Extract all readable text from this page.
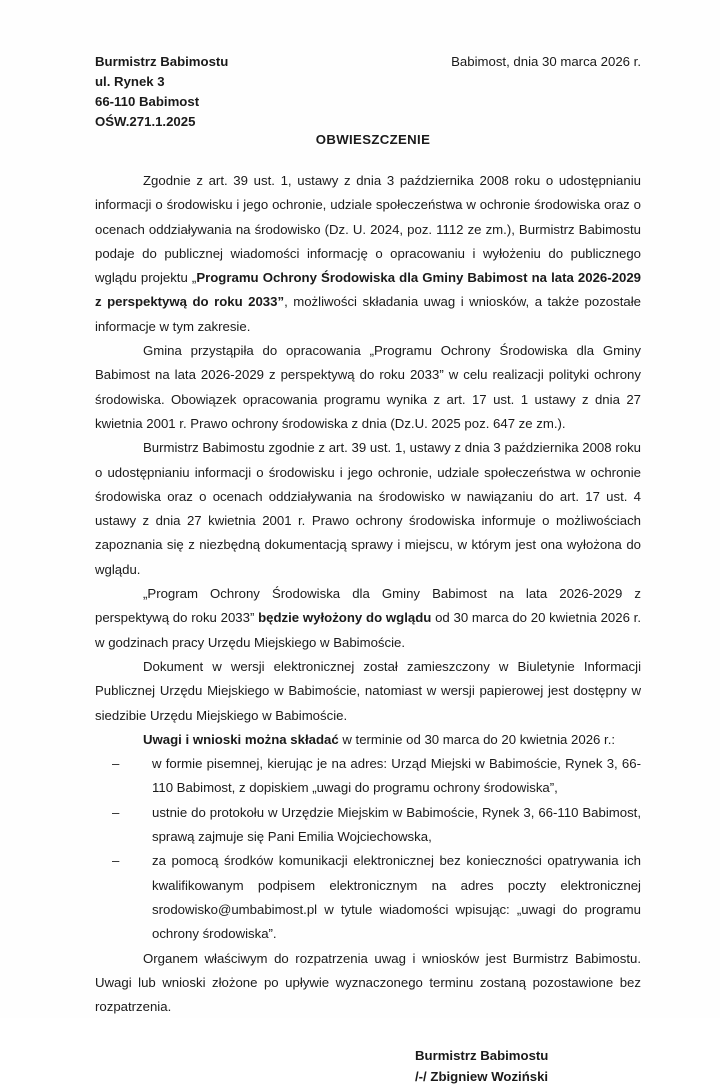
Burmistrz Babimostu
ul. Rynek 3
66-110 Babimost
OŚW.271.1.2025
Babimost, dnia 30 marca 2026 r.
OBWIESZCZENIE

Zgodnie z art. 39 ust. 1, ustawy z dnia 3 października 2008 roku o udostępnianiu informacji o środowisku i jego ochronie, udziale społeczeństwa w ochronie środowiska oraz o ocenach oddziaływania na środowisko (Dz. U. 2024, poz. 1112 ze zm.), Burmistrz Babimostu podaje do publicznej wiadomości informację o opracowaniu i wyłożeniu do publicznego wglądu projektu „Programu Ochrony Środowiska dla Gminy Babimost na lata 2026-2029 z perspektywą do roku 2033”, możliwości składania uwag i wniosków, a także pozostałe informacje w tym zakresie.

Gmina przystąpiła do opracowania „Programu Ochrony Środowiska dla Gminy Babimost na lata 2026-2029 z perspektywą do roku 2033” w celu realizacji polityki ochrony środowiska. Obowiązek opracowania programu wynika z art. 17 ust. 1 ustawy z dnia 27 kwietnia 2001 r. Prawo ochrony środowiska z dnia (Dz.U. 2025 poz. 647 ze zm.).

Burmistrz Babimostu zgodnie z art. 39 ust. 1, ustawy z dnia 3 października 2008 roku o udostępnianiu informacji o środowisku i jego ochronie, udziale społeczeństwa w ochronie środowiska oraz o ocenach oddziaływania na środowisko w nawiązaniu do art. 17 ust. 4 ustawy z dnia 27 kwietnia 2001 r. Prawo ochrony środowiska informuje o możliwościach zapoznania się z niezbędną dokumentacją sprawy i miejscu, w którym jest ona wyłożona do wglądu.

„Program Ochrony Środowiska dla Gminy Babimost na lata 2026-2029 z perspektywą do roku 2033” będzie wyłożony do wglądu od 30 marca do 20 kwietnia 2026 r. w godzinach pracy Urzędu Miejskiego w Babimoście.

Dokument w wersji elektronicznej został zamieszczony w Biuletynie Informacji Publicznej Urzędu Miejskiego w Babimoście, natomiast w wersji papierowej jest dostępny w siedzibie Urzędu Miejskiego w Babimoście.

Uwagi i wnioski można składać w terminie od 30 marca do 20 kwietnia 2026 r.:

–	w formie pisemnej, kierując je na adres: Urząd Miejski w Babimoście, Rynek 3, 66-110 Babimost, z dopiskiem „uwagi do programu ochrony środowiska”,
–	ustnie do protokołu w Urzędzie Miejskim w Babimoście, Rynek 3, 66-110 Babimost, sprawą zajmuje się Pani Emilia Wojciechowska,
–	za pomocą środków komunikacji elektronicznej bez konieczności opatrywania ich kwalifikowanym podpisem elektronicznym na adres poczty elektronicznej srodowisko@umbabimost.pl w tytule wiadomości wpisując: „uwagi do programu ochrony środowiska”.

Organem właściwym do rozpatrzenia uwag i wniosków jest Burmistrz Babimostu. Uwagi lub wnioski złożone po upływie wyznaczonego terminu zostaną pozostawione bez rozpatrzenia.

Burmistrz Babimostu
/-/ Zbigniew Woziński
